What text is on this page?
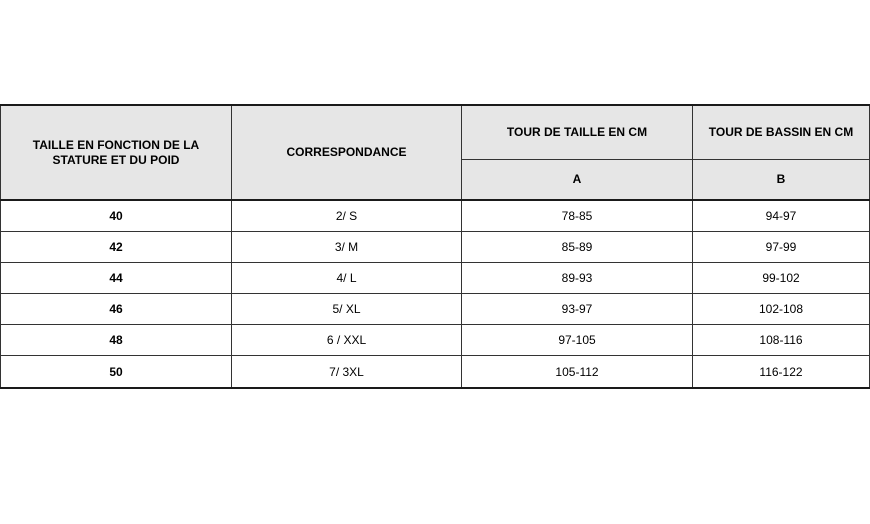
TAILLE EN FONCTION DE LA STATURE ET DU POID	CORRESPONDANCE	TOUR DE TAILLE EN CM	TOUR DE BASSIN EN CM
		A	B
40	2/ S	78-85	94-97
42	3/ M	85-89	97-99
44	4/ L	89-93	99-102
46	5/ XL	93-97	102-108
48	6 / XXL	97-105	108-116
50	7/ 3XL	105-112	116-122
